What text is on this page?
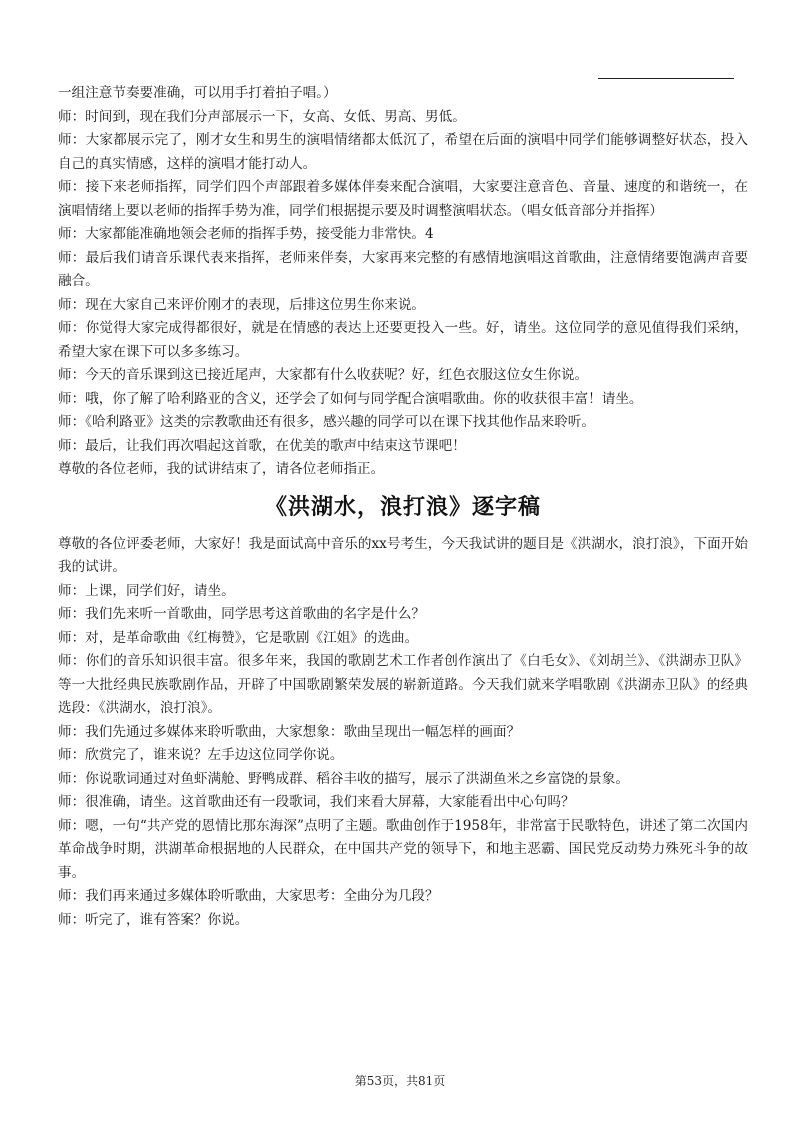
一组注意节奏要准确，可以用手打着拍子唱。）

师：时间到，现在我们分声部展示一下，女高、女低、男高、男低。

师：大家都展示完了，刚才女生和男生的演唱情绪都太低沉了，希望在后面的演唱中同学们能够调整好状态，投入自己的真实情感，这样的演唱才能打动人。

师：接下来老师指挥，同学们四个声部跟着多媒体伴奏来配合演唱，大家要注意音色、音量、速度的和谐统一，在演唱情绪上要以老师的指挥手势为准，同学们根据提示要及时调整演唱状态。（唱女低音部分并指挥）

师：大家都能准确地领会老师的指挥手势，接受能力非常快。4

师：最后我们请音乐课代表来指挥，老师来伴奏，大家再来完整的有感情地演唱这首歌曲，注意情绪要饱满声音要融合。

师：现在大家自己来评价刚才的表现，后排这位男生你来说。

师：你觉得大家完成得都很好，就是在情感的表达上还要更投入一些。好，请坐。这位同学的意见值得我们采纳，希望大家在课下可以多多练习。

师：今天的音乐课到这已接近尾声，大家都有什么收获呢？好，红色衣服这位女生你说。

师：哦，你了解了哈利路亚的含义，还学会了如何与同学配合演唱歌曲。你的收获很丰富！请坐。

师：《哈利路亚》这类的宗教歌曲还有很多，感兴趣的同学可以在课下找其他作品来聆听。

师：最后，让我们再次唱起这首歌，在优美的歌声中结束这节课吧！

尊敬的各位老师，我的试讲结束了，请各位老师指正。

《洪湖水，浪打浪》逐字稿

尊敬的各位评委老师，大家好！我是面试高中音乐的xx号考生，今天我试讲的题目是《洪湖水，浪打浪》，下面开始我的试讲。

师：上课，同学们好，请坐。

师：我们先来听一首歌曲，同学思考这首歌曲的名字是什么？

师：对，是革命歌曲《红梅赞》，它是歌剧《江姐》的选曲。

师：你们的音乐知识很丰富。很多年来，我国的歌剧艺术工作者创作演出了《白毛女》、《刘胡兰》、《洪湖赤卫队》等一大批经典民族歌剧作品，开辟了中国歌剧繁荣发展的崭新道路。今天我们就来学唱歌剧《洪湖赤卫队》的经典选段：《洪湖水，浪打浪》。

师：我们先通过多媒体来聆听歌曲，大家想象：歌曲呈现出一幅怎样的画面？

师：欣赏完了，谁来说？左手边这位同学你说。

师：你说歌词通过对鱼虾满舱、野鸭成群、稻谷丰收的描写，展示了洪湖鱼米之乡富饶的景象。

师：很准确，请坐。这首歌曲还有一段歌词，我们来看大屏幕，大家能看出中心句吗？

师：嗯，一句“共产党的恩情比那东海深”点明了主题。歌曲创作于1958年，非常富于民歌特色，讲述了第二次国内革命战争时期，洪湖革命根据地的人民群众，在中国共产党的领导下，和地主恶霸、国民党反动势力殊死斗争的故事。

师：我们再来通过多媒体聆听歌曲，大家思考：全曲分为几段？

师：听完了，谁有答案？你说。

第53页，共81页
